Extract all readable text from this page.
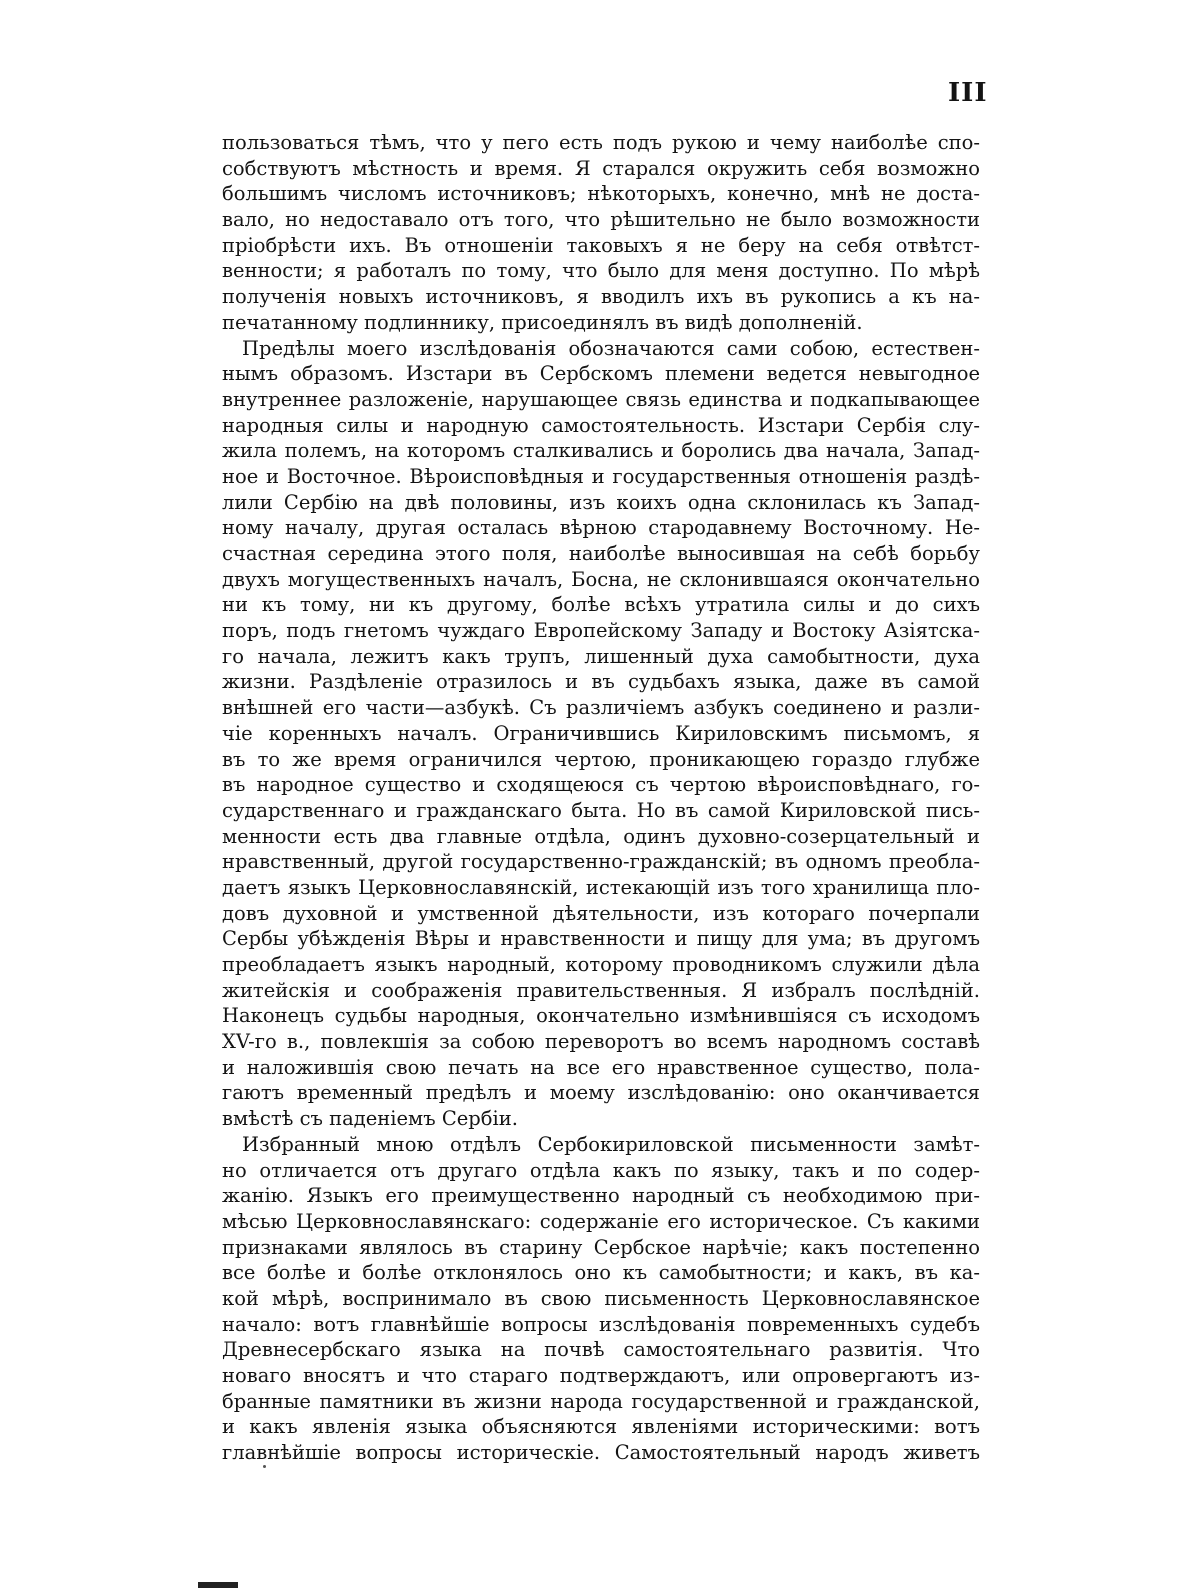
III
пользоваться тѣмъ, что у пего есть подъ рукою и чему наиболѣе спо-
собствуютъ мѣстность и время. Я старался окружить себя возможно
большимъ числомъ источниковъ; нѣкоторыхъ, конечно, мнѣ не доста-
вало, но недоставало отъ того, что рѣшительно не было возможности
пріобрѣсти ихъ. Въ отношеніи таковыхъ я не беру на себя отвѣтст-
венности; я работалъ по тому, что было для меня доступно. По мѣрѣ
полученія новыхъ источниковъ, я вводилъ ихъ въ рукопись а къ на-
печатанному подлиннику, присоединялъ въ видѣ дополненій.
Предѣлы моего изслѣдованія обозначаются сами собою, естествен-
нымъ образомъ. Изстари въ Сербскомъ племени ведется невыгодное
внутреннее разложеніе, нарушающее связь единства и подкапывающее
народныя силы и народную самостоятельность. Изстари Сербія слу-
жила полемъ, на которомъ сталкивались и боролись два начала, Запад-
ное и Восточное. Вѣроисповѣдныя и государственныя отношенія раздѣ-
лили Сербію на двѣ половины, изъ коихъ одна склонилась къ Запад-
ному началу, другая осталась вѣрною стародавнему Восточному. Не-
счастная середина этого поля, наиболѣе выносившая на себѣ борьбу
двухъ могущественныхъ началъ, Босна, не склонившаяся окончательно
ни къ тому, ни къ другому, болѣе всѣхъ утратила силы и до сихъ
поръ, подъ гнетомъ чуждаго Европейскому Западу и Востоку Азіятска-
го начала, лежитъ какъ трупъ, лишенный духа самобытности, духа
жизни. Раздѣленіе отразилось и въ судьбахъ языка, даже въ самой
внѣшней его части—азбукѣ. Съ различіемъ азбукъ соединено и разли-
чіе коренныхъ началъ. Ограничившись Кириловскимъ письмомъ, я
въ то же время ограничился чертою, проникающею гораздо глубже
въ народное существо и сходящеюся съ чертою вѣроисповѣднаго, го-
сударственнаго и гражданскаго быта. Но въ самой Кириловской пись-
менности есть два главные отдѣла, одинъ духовно-созерцательный и
нравственный, другой государственно-гражданскій; въ одномъ преобла-
даетъ языкъ Церковнославянскій, истекающій изъ того хранилища пло-
довъ духовной и умственной дѣятельности, изъ котораго почерпали
Сербы убѣжденія Вѣры и нравственности и пищу для ума; въ другомъ
преобладаетъ языкъ народный, которому проводникомъ служили дѣла
житейскія и соображенія правительственныя. Я избралъ послѣдній.
Наконецъ судьбы народныя, окончательно измѣнившіяся съ исходомъ
XV-го в., повлекшія за собою переворотъ во всемъ народномъ составѣ
и наложившія свою печать на все его нравственное существо, пола-
гаютъ временный предѣлъ и моему изслѣдованію: оно оканчивается
вмѣстѣ съ паденіемъ Сербіи.
Избранный мною отдѣлъ Сербокириловской письменности замѣт-
но отличается отъ другаго отдѣла какъ по языку, такъ и по содер-
жанію. Языкъ его преимущественно народный съ необходимою при-
мѣсью Церковнославянскаго: содержаніе его историческое. Съ какими
признаками являлось въ старину Сербское нарѣчіе; какъ постепенно
все болѣе и болѣе отклонялось оно къ самобытности; и какъ, въ ка-
кой мѣрѣ, воспринимало въ свою письменность Церковнославянское
начало: вотъ главнѣйшіе вопросы изслѣдованія повременныхъ судебъ
Древнесербскаго языка на почвѣ самостоятельнаго развитія. Что
новаго вносятъ и что стараго подтверждаютъ, или опровергаютъ из-
бранные памятники въ жизни народа государственной и гражданской,
и какъ явленія языка объясняются явленіями историческими: вотъ
главнѣйшіе вопросы историческіе. Самостоятельный народъ живетъ
